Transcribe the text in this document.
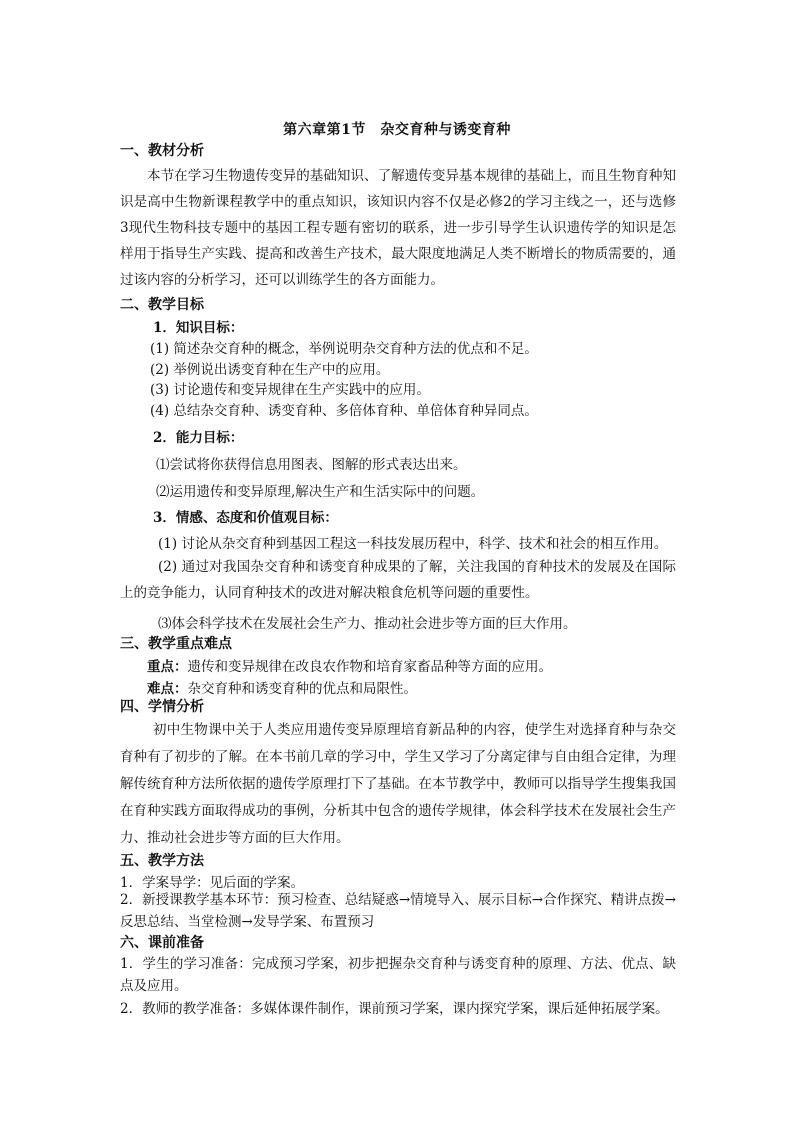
第六章第1节　杂交育种与诱变育种
一、教材分析
本节在学习生物遗传变异的基础知识、了解遗传变异基本规律的基础上，而且生物育种知识是高中生物新课程教学中的重点知识，该知识内容不仅是必修2的学习主线之一，还与选修3现代生物科技专题中的基因工程专题有密切的联系，进一步引导学生认识遗传学的知识是怎样用于指导生产实践、提高和改善生产技术，最大限度地满足人类不断增长的物质需要的，通过该内容的分析学习，还可以训练学生的各方面能力。
二、教学目标
1．知识目标：
(1) 简述杂交育种的概念，举例说明杂交育种方法的优点和不足。
(2) 举例说出诱变育种在生产中的应用。
(3) 讨论遗传和变异规律在生产实践中的应用。
(4) 总结杂交育种、诱变育种、多倍体育种、单倍体育种异同点。
2．能力目标：
⑴尝试将你获得信息用图表、图解的形式表达出来。
⑵运用遗传和变异原理,解决生产和生活实际中的问题。
3．情感、态度和价值观目标：
(1) 讨论从杂交育种到基因工程这一科技发展历程中，科学、技术和社会的相互作用。
(2) 通过对我国杂交育种和诱变育种成果的了解，关注我国的育种技术的发展及在国际上的竞争能力，认同育种技术的改进对解决粮食危机等问题的重要性。
⑶体会科学技术在发展社会生产力、推动社会进步等方面的巨大作用。
三、教学重点难点
重点：遗传和变异规律在改良农作物和培育家畜品种等方面的应用。
难点：杂交育种和诱变育种的优点和局限性。
四、学情分析
初中生物课中关于人类应用遗传变异原理培育新品种的内容，使学生对选择育种与杂交育种有了初步的了解。在本书前几章的学习中，学生又学习了分离定律与自由组合定律，为理解传统育种方法所依据的遗传学原理打下了基础。在本节教学中，教师可以指导学生搜集我国在育种实践方面取得成功的事例，分析其中包含的遗传学规律，体会科学技术在发展社会生产力、推动社会进步等方面的巨大作用。
五、教学方法
1．学案导学：见后面的学案。
2．新授课教学基本环节：预习检查、总结疑惑→情境导入、展示目标→合作探究、精讲点拨→反思总结、当堂检测→发导学案、布置预习
六、课前准备
1．学生的学习准备：完成预习学案，初步把握杂交育种与诱变育种的原理、方法、优点、缺点及应用。
2．教师的教学准备：多媒体课件制作，课前预习学案，课内探究学案，课后延伸拓展学案。
